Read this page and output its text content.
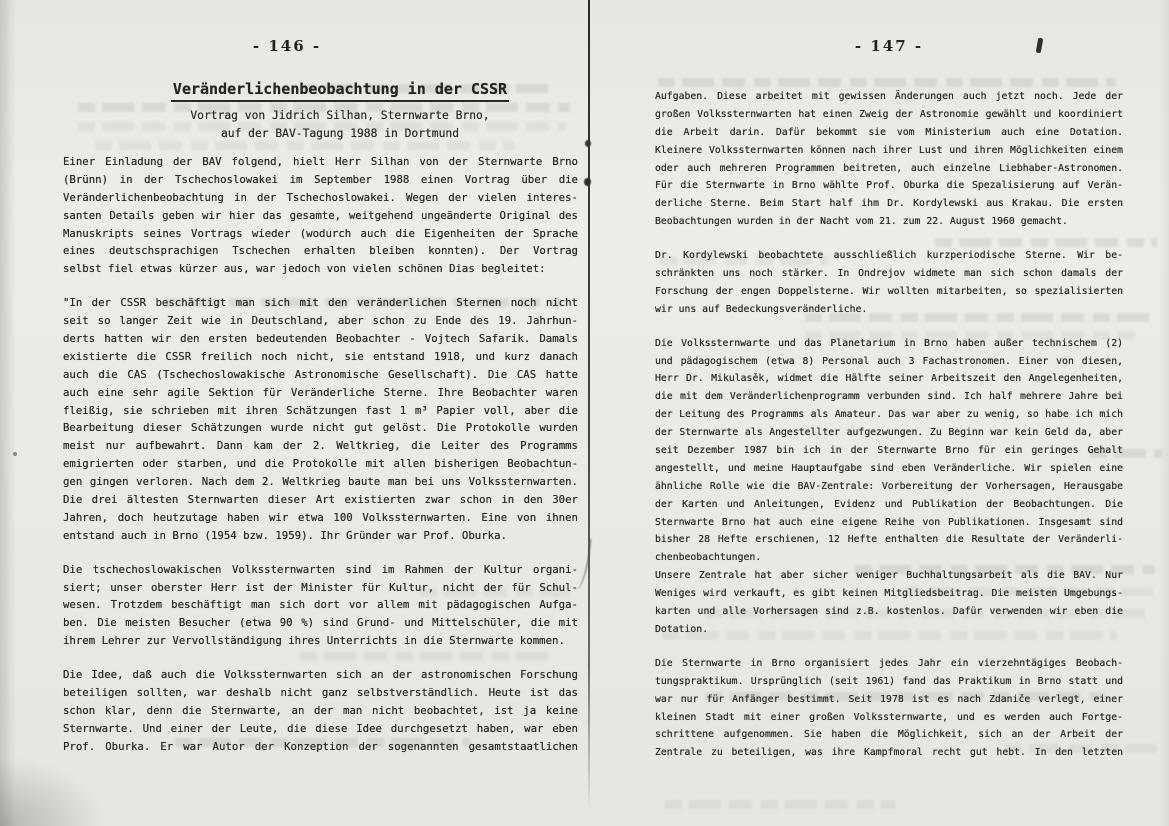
- 146 -
Veränderlichenbeobachtung in der CSSR
Vortrag von Jidrich Silhan, Sternwarte Brno,
auf der BAV-Tagung 1988 in Dortmund
Einer Einladung der BAV folgend, hielt Herr Silhan von der Sternwarte Brno
(Brünn) in der Tschechoslowakei im September 1988 einen Vortrag über die
Veränderlichenbeobachtung in der Tschechoslowakei. Wegen der vielen interes-
santen Details geben wir hier das gesamte, weitgehend ungeänderte Original des
Manuskripts seines Vortrags wieder (wodurch auch die Eigenheiten der Sprache
eines deutschsprachigen Tschechen erhalten bleiben konnten). Der Vortrag
selbst fiel etwas kürzer aus, war jedoch von vielen schönen Dias begleitet:
"In der CSSR beschäftigt man sich mit den veränderlichen Sternen noch nicht
seit so langer Zeit wie in Deutschland, aber schon zu Ende des 19. Jahrhun-
derts hatten wir den ersten bedeutenden Beobachter - Vojtech Safarik. Damals
existierte die CSSR freilich noch nicht, sie entstand 1918, und kurz danach
auch die CAS (Tschechoslowakische Astronomische Gesellschaft). Die CAS hatte
auch eine sehr agile Sektion für Veränderliche Sterne. Ihre Beobachter waren
fleißig, sie schrieben mit ihren Schätzungen fast 1 m³ Papier voll, aber die
Bearbeitung dieser Schätzungen wurde nicht gut gelöst. Die Protokolle wurden
meist nur aufbewahrt. Dann kam der 2. Weltkrieg, die Leiter des Programms
emigrierten oder starben, und die Protokolle mit allen bisherigen Beobachtun-
gen gingen verloren. Nach dem 2. Weltkrieg baute man bei uns Volkssternwarten.
Die drei ältesten Sternwarten dieser Art existierten zwar schon in den 30er
Jahren, doch heutzutage haben wir etwa 100 Volkssternwarten. Eine von ihnen
entstand auch in Brno (1954 bzw. 1959). Ihr Gründer war Prof. Oburka.
Die tschechoslowakischen Volkssternwarten sind im Rahmen der Kultur organi-
siert; unser oberster Herr ist der Minister für Kultur, nicht der für Schul-
wesen. Trotzdem beschäftigt man sich dort vor allem mit pädagogischen Aufga-
ben. Die meisten Besucher (etwa 90 %) sind Grund- und Mittelschüler, die mit
ihrem Lehrer zur Vervollständigung ihres Unterrichts in die Sternwarte kommen.
Die Idee, daß auch die Volkssternwarten sich an der astronomischen Forschung
beteiligen sollten, war deshalb nicht ganz selbstverständlich. Heute ist das
schon klar, denn die Sternwarte, an der man nicht beobachtet, ist ja keine
Sternwarte. Und einer der Leute, die diese Idee durchgesetzt haben, war eben
Prof. Oburka. Er war Autor der Konzeption der sogenannten gesamtstaatlichen
- 147 -
Aufgaben. Diese arbeitet mit gewissen Änderungen auch jetzt noch. Jede der
großen Volkssternwarten hat einen Zweig der Astronomie gewählt und koordiniert
die Arbeit darin. Dafür bekommt sie vom Ministerium auch eine Dotation.
Kleinere Volkssternwarten können nach ihrer Lust und ihren Möglichkeiten einem
oder auch mehreren Programmen beitreten, auch einzelne Liebhaber-Astronomen.
Für die Sternwarte in Brno wählte Prof. Oburka die Spezalisierung auf Verän-
derliche Sterne. Beim Start half ihm Dr. Kordylewski aus Krakau. Die ersten
Beobachtungen wurden in der Nacht vom 21. zum 22. August 1960 gemacht.
Dr. Kordylewski beobachtete ausschließlich kurzperiodische Sterne. Wir be-
schränkten uns noch stärker. In Ondrejov widmete man sich schon damals der
Forschung der engen Doppelsterne. Wir wollten mitarbeiten, so spezialisierten
wir uns auf Bedeckungsveränderliche.
Die Volkssternwarte und das Planetarium in Brno haben außer technischem (2)
und pädagogischem (etwa 8) Personal auch 3 Fachastronomen. Einer von diesen,
Herr Dr. Mikulasěk, widmet die Hälfte seiner Arbeitszeit den Angelegenheiten,
die mit dem Veränderlichenprogramm verbunden sind. Ich half mehrere Jahre bei
der Leitung des Programms als Amateur. Das war aber zu wenig, so habe ich mich
der Sternwarte als Angestellter aufgezwungen. Zu Beginn war kein Geld da, aber
seit Dezember 1987 bin ich in der Sternwarte Brno für ein geringes Gehalt
angestellt, und meine Hauptaufgabe sind eben Veränderliche. Wir spielen eine
ähnliche Rolle wie die BAV-Zentrale: Vorbereitung der Vorhersagen, Herausgabe
der Karten und Anleitungen, Evidenz und Publikation der Beobachtungen. Die
Sternwarte Brno hat auch eine eigene Reihe von Publikationen. Insgesamt sind
bisher 28 Hefte erschienen, 12 Hefte enthalten die Resultate der Veränderli-
chenbeobachtungen.
Unsere Zentrale hat aber sicher weniger Buchhaltungsarbeit als die BAV. Nur
Weniges wird verkauft, es gibt keinen Mitgliedsbeitrag. Die meisten Umgebungs-
karten und alle Vorhersagen sind z.B. kostenlos. Dafür verwenden wir eben die
Dotation.
Die Sternwarte in Brno organisiert jedes Jahr ein vierzehntägiges Beobach-
tungspraktikum. Ursprünglich (seit 1961) fand das Praktikum in Brno statt und
war nur für Anfänger bestimmt. Seit 1978 ist es nach Zdaniče verlegt, einer
kleinen Stadt mit einer großen Volkssternwarte, und es werden auch Fortge-
schrittene aufgenommen. Sie haben die Möglichkeit, sich an der Arbeit der
Zentrale zu beteiligen, was ihre Kampfmoral recht gut hebt. In den letzten
